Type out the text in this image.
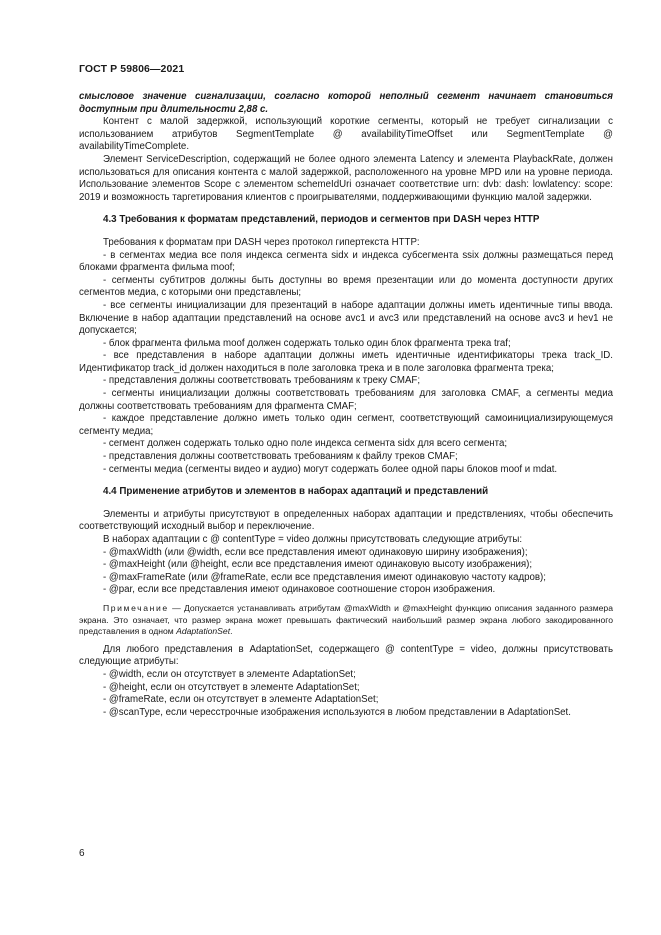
ГОСТ Р 59806—2021

смысловое значение сигнализации, согласно которой неполный сегмент начинает становиться доступным при длительности 2,88 с.

Контент с малой задержкой, использующий короткие сегменты, который не требует сигнализации с использованием атрибутов SegmentTemplate @ availabilityTimeOffset или SegmentTemplate @ availabilityTimeComplete.

Элемент ServiceDescription, содержащий не более одного элемента Latency и элемента PlaybackRate, должен использоваться для описания контента с малой задержкой, расположенного на уровне MPD или на уровне периода. Использование элементов Scope с элементом schemeIdUri означает соответствие urn: dvb: dash: lowlatency: scope: 2019 и возможность таргетирования клиентов с проигрывателями, поддерживающими функцию малой задержки.

4.3 Требования к форматам представлений, периодов и сегментов при DASH через HTTP

Требования к форматам при DASH через протокол гипертекста HTTP:

- в сегментах медиа все поля индекса сегмента sidx и индекса субсегмента ssix должны размещаться перед блоками фрагмента фильма moof;

- сегменты субтитров должны быть доступны во время презентации или до момента доступности других сегментов медиа, с которыми они представлены;

- все сегменты инициализации для презентаций в наборе адаптации должны иметь идентичные типы ввода. Включение в набор адаптации представлений на основе avc1 и avc3 или представлений на основе avc3 и hev1 не допускается;

- блок фрагмента фильма moof должен содержать только один блок фрагмента трека traf;

- все представления в наборе адаптации должны иметь идентичные идентификаторы трека track_ID. Идентификатор track_id должен находиться в поле заголовка трека и в поле заголовка фрагмента трека;

- представления должны соответствовать требованиям к треку CMAF;

- сегменты инициализации должны соответствовать требованиям для заголовка CMAF, а сегменты медиа должны соответствовать требованиям для фрагмента CMAF;

- каждое представление должно иметь только один сегмент, соответствующий самоинициализирующемуся сегменту медиа;

- сегмент должен содержать только одно поле индекса сегмента sidx для всего сегмента;

- представления должны соответствовать требованиям к файлу треков CMAF;

- сегменты медиа (сегменты видео и аудио) могут содержать более одной пары блоков moof и mdat.

4.4 Применение атрибутов и элементов в наборах адаптаций и представлений

Элементы и атрибуты присутствуют в определенных наборах адаптации и предствлениях, чтобы обеспечить соответствующий исходный выбор и переключение.

В наборах адаптации с @ contentType = video должны присутствовать следующие атрибуты:

- @maxWidth (или @width, если все представления имеют одинаковую ширину изображения);

- @maxHeight (или @height, если все представления имеют одинаковую высоту изображения);

- @maxFrameRate (или @frameRate, если все представления имеют одинаковую частоту кадров);

- @par, если все представления имеют одинаковое соотношение сторон изображения.

Примечание — Допускается устанавливать атрибутам @maxWidth и @maxHeight функцию описания заданного размера экрана. Это означает, что размер экрана может превышать фактический наибольший размер экрана любого закодированного представления в одном AdaptationSet.

Для любого представления в AdaptationSet, содержащего @ contentType = video, должны присутствовать следующие атрибуты:

- @width, если он отсутствует в элементе AdaptationSet;

- @height, если он отсутствует в элементе AdaptationSet;

- @frameRate, если он отсутствует в элементе AdaptationSet;

- @scanType, если чересстрочные изображения используются в любом представлении в AdaptationSet.

6
